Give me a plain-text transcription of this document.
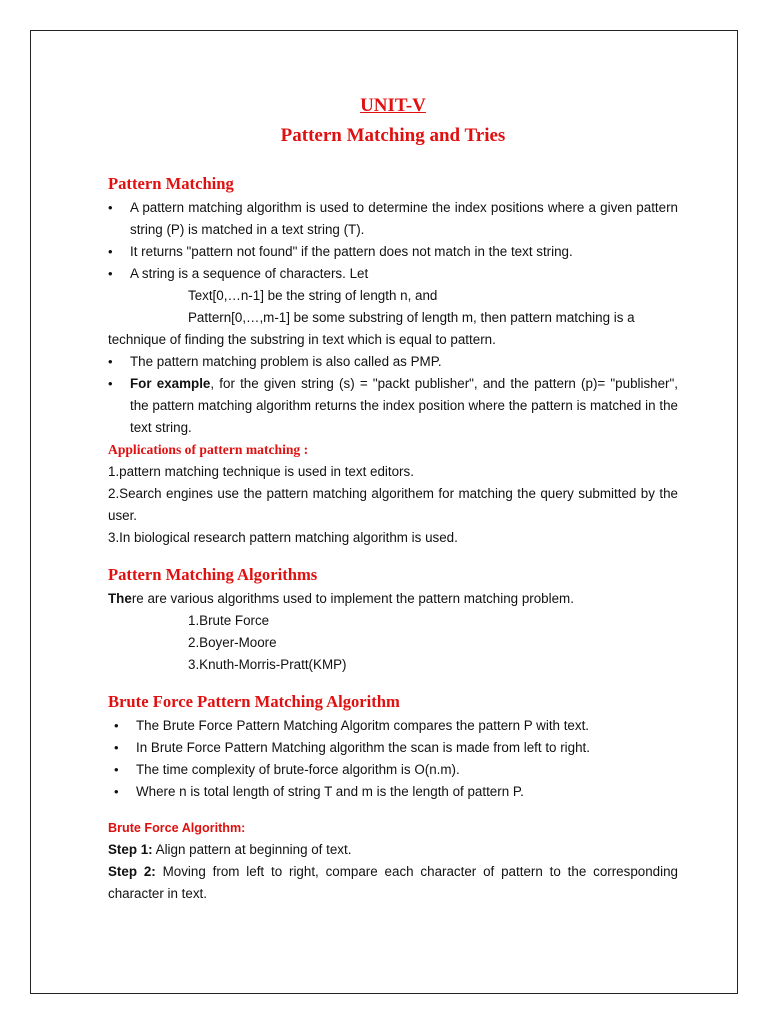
UNIT-V
Pattern Matching and Tries
Pattern Matching
• A pattern matching algorithm is used to determine the index positions where a given pattern string (P) is matched in a text string (T).
• It returns "pattern not found" if the pattern does not match in the text string.
• A string is a sequence of characters. Let
Text[0,…n-1] be the string of length n, and
Pattern[0,…,m-1] be some substring of length m, then pattern matching is a
technique of finding the substring in text which is equal to pattern.
• The pattern matching problem is also called as PMP.
• For example, for the given string (s) = "packt publisher", and the pattern (p)= "publisher", the pattern matching algorithm returns the index position where the pattern is matched in the text string.
Applications of pattern matching :
1.pattern matching technique is used in text editors.
2.Search engines use the pattern matching algorithem for matching the query submitted by the user.
3.In biological research pattern matching algorithm is used.
Pattern Matching Algorithms
There are various algorithms used to implement the pattern matching problem.
1.Brute Force
2.Boyer-Moore
3.Knuth-Morris-Pratt(KMP)
Brute Force Pattern Matching Algorithm
• The Brute Force Pattern Matching Algoritm compares the pattern P with text.
• In Brute Force Pattern Matching algorithm the scan is made from left to right.
• The time complexity of brute-force algorithm is O(n.m).
• Where n is total length of string T and m is the length of pattern P.
Brute Force Algorithm:
Step 1: Align pattern at beginning of text.
Step 2: Moving from left to right, compare each character of pattern to the corresponding character in text.
